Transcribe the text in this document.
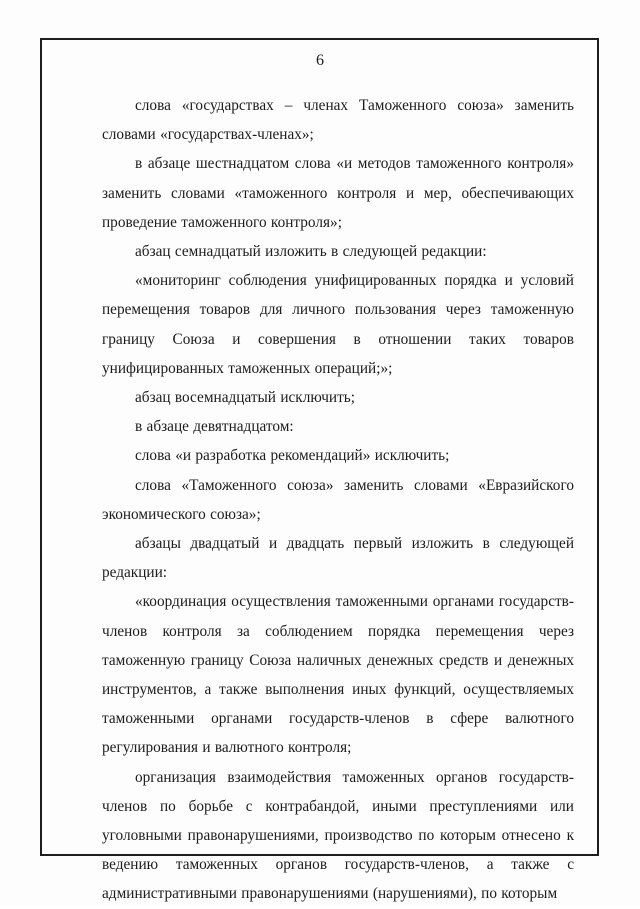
6

слова «государствах – членах Таможенного союза» заменить словами «государствах-членах»;

в абзаце шестнадцатом слова «и методов таможенного контроля» заменить словами «таможенного контроля и мер, обеспечивающих проведение таможенного контроля»;

абзац семнадцатый изложить в следующей редакции:

«мониторинг соблюдения унифицированных порядка и условий перемещения товаров для личного пользования через таможенную границу Союза и совершения в отношении таких товаров унифицированных таможенных операций;»;

абзац восемнадцатый исключить;

в абзаце девятнадцатом:

слова «и разработка рекомендаций» исключить;

слова «Таможенного союза» заменить словами «Евразийского экономического союза»;

абзацы двадцатый и двадцать первый изложить в следующей редакции:

«координация осуществления таможенными органами государств-членов контроля за соблюдением порядка перемещения через таможенную границу Союза наличных денежных средств и денежных инструментов, а также выполнения иных функций, осуществляемых таможенными органами государств-членов в сфере валютного регулирования и валютного контроля;

организация взаимодействия таможенных органов государств-членов по борьбе с контрабандой, иными преступлениями или уголовными правонарушениями, производство по которым отнесено к ведению таможенных органов государств-членов, а также с административными правонарушениями (нарушениями), по которым
